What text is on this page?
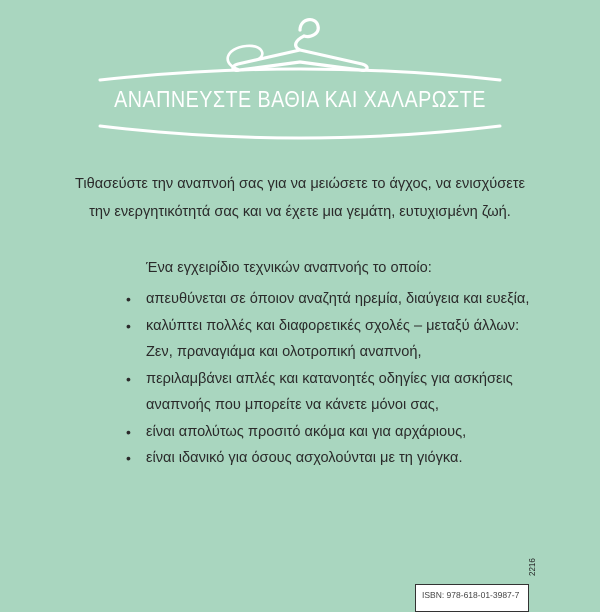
ΑΝΑΠΝΕΥΣΤΕ ΒΑΘΙΑ ΚΑΙ ΧΑΛΑΡΩΣΤΕ

Τιθασεύστε την αναπνοή σας για να μειώσετε το άγχος, να ενισχύσετε

την ενεργητικότητά σας και να έχετε μια γεμάτη, ευτυχισμένη ζωή.

Ένα εγχειρίδιο τεχνικών αναπνοής το οποίο:
• απευθύνεται σε όποιον αναζητά ηρεμία, διαύγεια και ευεξία,
• καλύπτει πολλές και διαφορετικές σχολές – μεταξύ άλλων:
Ζεν, πραναγιάμα και ολοτροπική αναπνοή,
• περιλαμβάνει απλές και κατανοητές οδηγίες για ασκήσεις
αναπνοής που μπορείτε να κάνετε μόνοι σας,
• είναι απολύτως προσιτό ακόμα και για αρχάριους,
• είναι ιδανικό για όσους ασχολούνται με τη γιόγκα.
ISBN: 978-618-01-3987-7
2216
